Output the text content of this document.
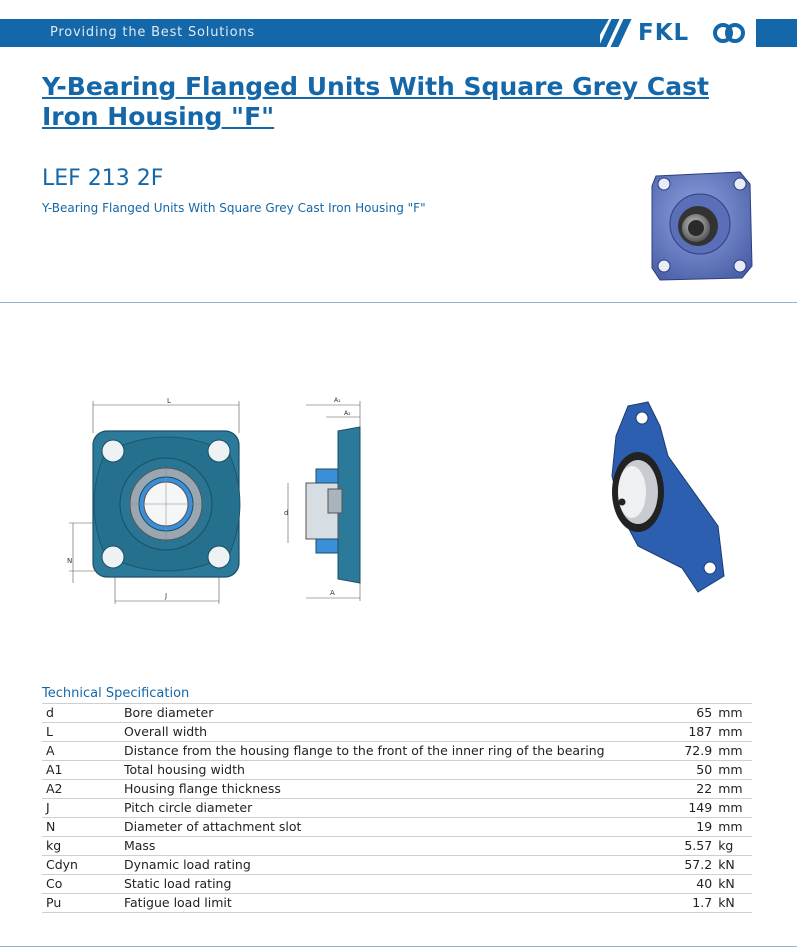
Providing the Best Solutions	FKL
Y-Bearing Flanged Units With Square Grey Cast Iron Housing "F"
LEF 213 2F
Y-Bearing Flanged Units With Square Grey Cast Iron Housing "F"
L
J
N
A₁
A₂
d
A
Technical Specification
d	Bore diameter	65	mm
L	Overall width	187	mm
A	Distance from the housing flange to the front of the inner ring of the bearing	72.9	mm
A1	Total housing width	50	mm
A2	Housing flange thickness	22	mm
J	Pitch circle diameter	149	mm
N	Diameter of attachment slot	19	mm
kg	Mass	5.57	kg
Cdyn	Dynamic load rating	57.2	kN
Co	Static load rating	40	kN
Pu	Fatigue load limit	1.7	kN
